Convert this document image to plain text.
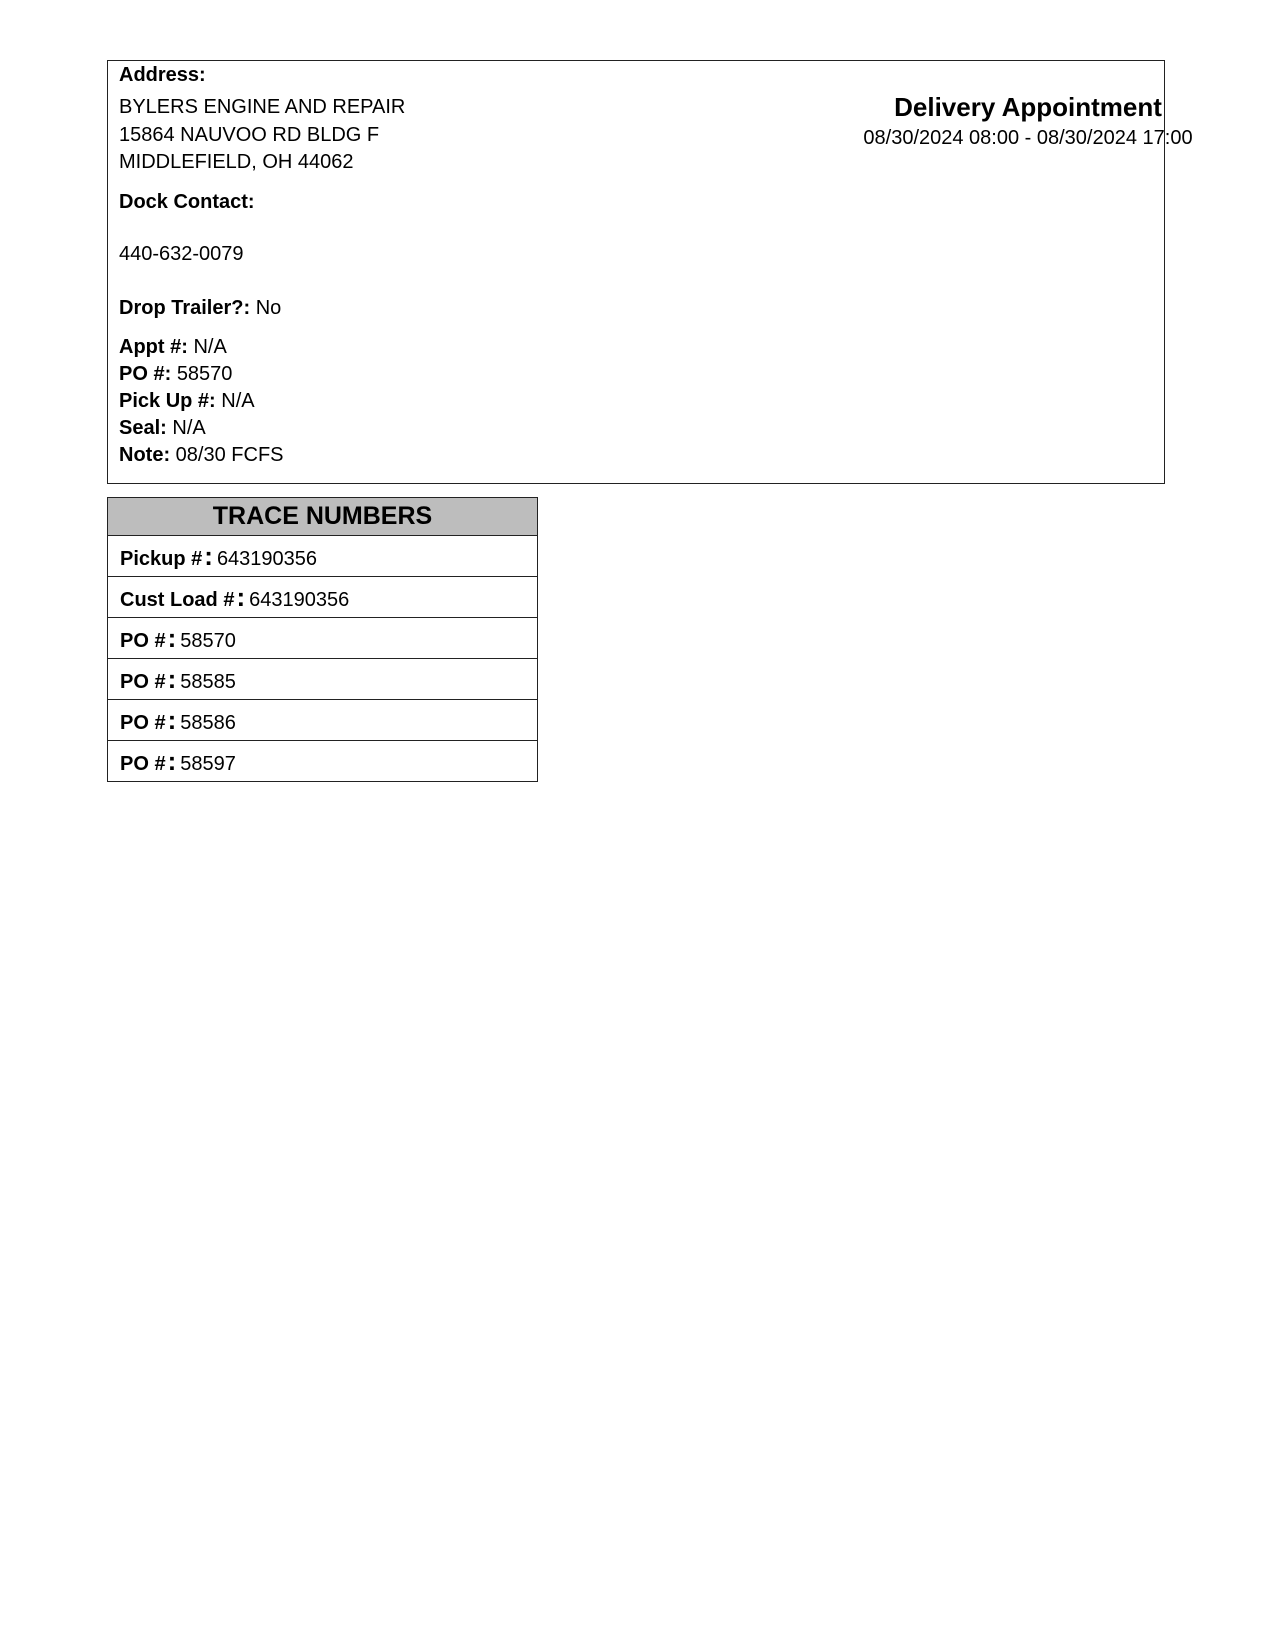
Address:
BYLERS ENGINE AND REPAIR
15864 NAUVOO RD BLDG F
MIDDLEFIELD, OH 44062
Dock Contact:
440-632-0079
Drop Trailer?: No
Appt #: N/A
PO #: 58570
Pick Up #: N/A
Seal: N/A
Note: 08/30 FCFS
Delivery Appointment
08/30/2024 08:00 - 08/30/2024 17:00
TRACE NUMBERS
Pickup #: 643190356
Cust Load #: 643190356
PO #: 58570
PO #: 58585
PO #: 58586
PO #: 58597
